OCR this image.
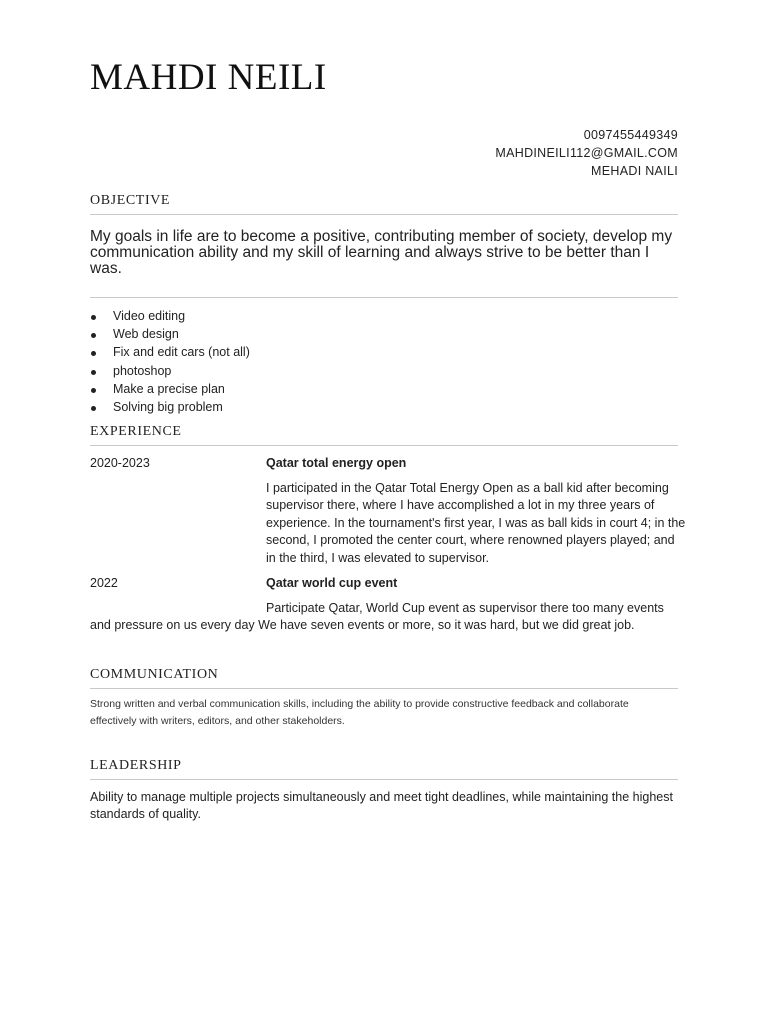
MAHDI NEILI
0097455449349
MAHDINEILI112@GMAIL.COM
MEHADI NAILI
OBJECTIVE
My goals in life are to become a positive, contributing member of society, develop my communication ability and my skill of learning and always strive to be better than I was.
Video editing
Web design
Fix and edit cars (not all)
photoshop
Make a precise plan
Solving big problem
EXPERIENCE
2020-2023	Qatar total energy open
I participated in the Qatar Total Energy Open as a ball kid after becoming supervisor there, where I have accomplished a lot in my three years of experience. In the tournament's first year, I was as ball kids in court 4; in the second, I promoted the center court, where renowned players played; and in the third, I was elevated to supervisor.
2022	Qatar world cup event
Participate Qatar, World Cup event as supervisor there too many events and pressure on us every day We have seven events or more, so it was hard, but we did great job.
COMMUNICATION
Strong written and verbal communication skills, including the ability to provide constructive feedback and collaborate effectively with writers, editors, and other stakeholders.
LEADERSHIP
Ability to manage multiple projects simultaneously and meet tight deadlines, while maintaining the highest standards of quality.
